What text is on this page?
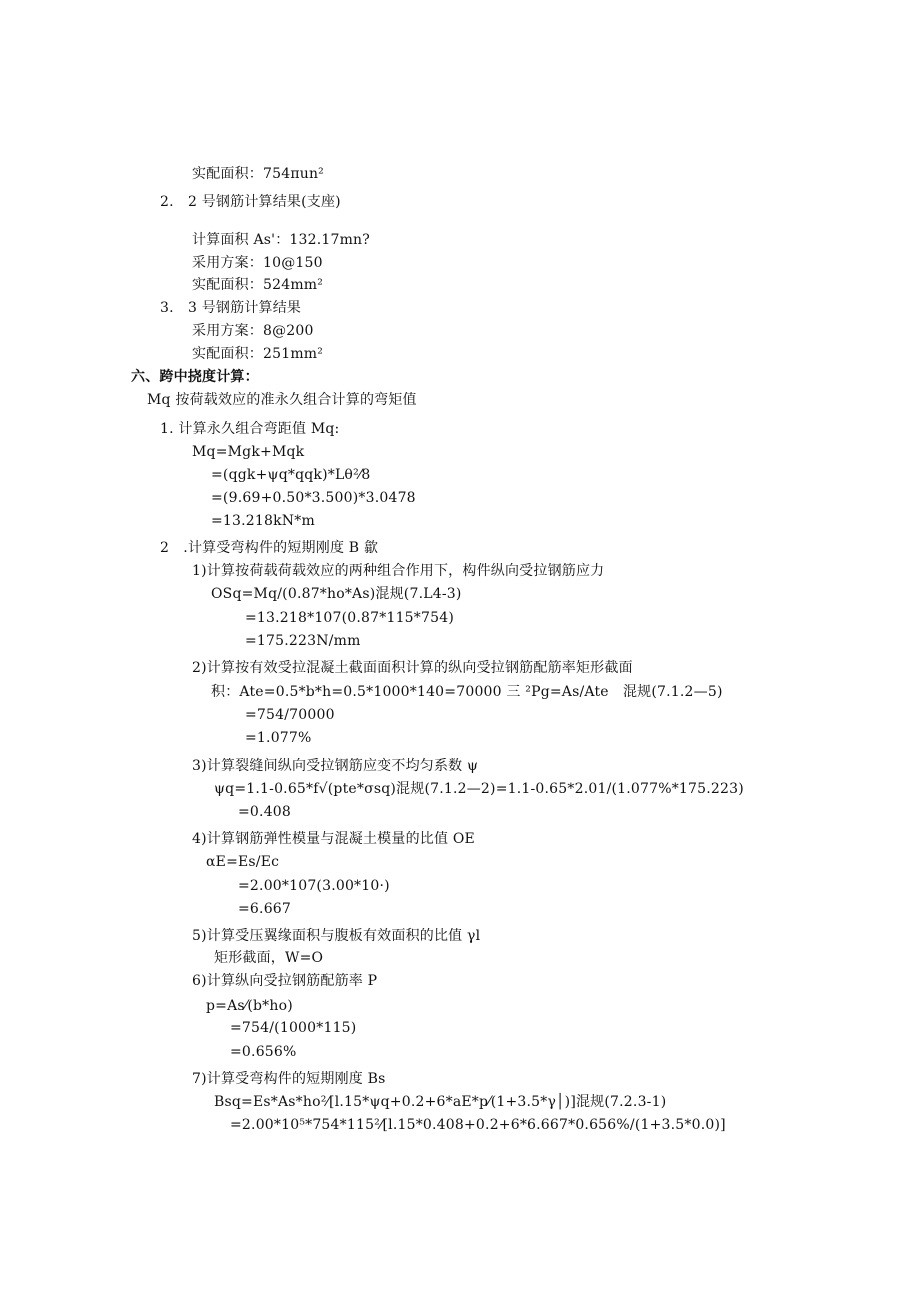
实配面积：754πun²
2.　2 号钢筋计算结果(支座)
计算面积 As'：132.17mn?
采用方案：10@150
实配面积：524mm²
3.　3 号钢筋计算结果
采用方案：8@200
实配面积：251mm²
六、跨中挠度计算：
Mq 按荷载效应的准永久组合计算的弯矩值
1. 计算永久组合弯距值 Mq:
Mq=Mgk+Mqk
=(qgk+ψq*qqk)*Lθ²⁄8
=(9.69+0.50*3.500)*3.0478
=13.218kN*m
2　.计算受弯构件的短期刚度 B 歙
1)计算按荷载荷载效应的两种组合作用下，构件纵向受拉钢筋应力
OSq=Mq/(0.87*ho*As)混规(7.L4-3)
=13.218*107(0.87*115*754)
=175.223N/mm
2)计算按有效受拉混凝土截面面积计算的纵向受拉钢筋配筋率矩形截面
积：Ate=0.5*b*h=0.5*1000*140=70000 三 ²Pg=As/Ate　混规(7.1.2—5)
=754/70000
=1.077%
3)计算裂缝间纵向受拉钢筋应变不均匀系数 ψ
ψq=1.1-0.65*f√(pte*σsq)混规(7.1.2—2)=1.1-0.65*2.01/(1.077%*175.223)
=0.408
4)计算钢筋弹性模量与混凝土模量的比值 OE
αE=Es/Ec
=2.00*107(3.00*10·)
=6.667
5)计算受压翼缘面积与腹板有效面积的比值 γl
矩形截面，W=O
6)计算纵向受拉钢筋配筋率 P
p=As⁄(b*ho)
=754/(1000*115)
=0.656%
7)计算受弯构件的短期刚度 Bs
Bsq=Es*As*ho²⁄[l.15*ψq+0.2+6*aE*p⁄(1+3.5*γ│)]混规(7.2.3-1)
=2.00*10⁵*754*115²⁄[l.15*0.408+0.2+6*6.667*0.656%/(1+3.5*0.0)]
